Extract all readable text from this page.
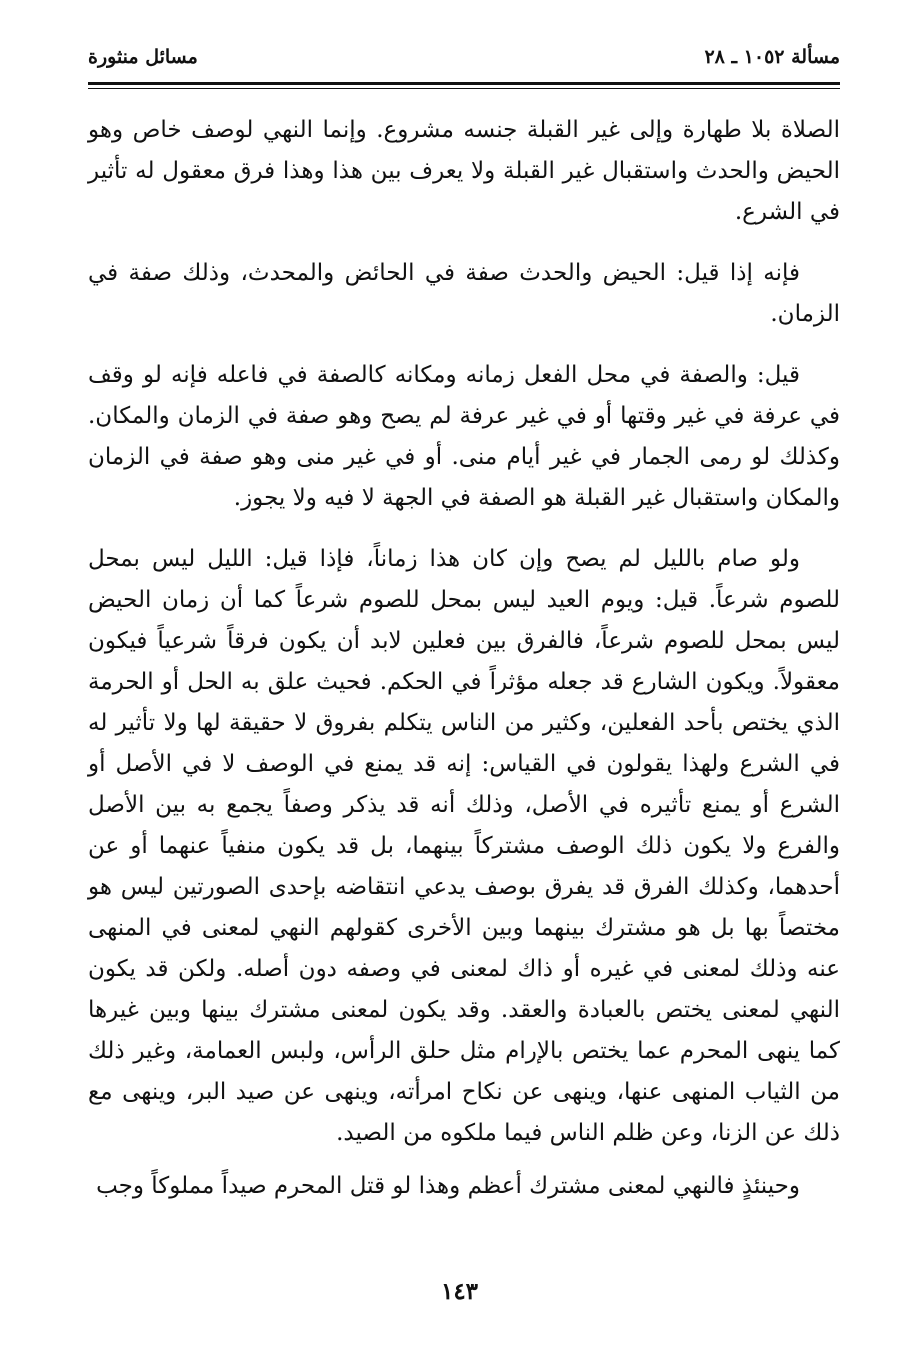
مسألة ١٠٥٢ ـ ٢٨
مسائل منثورة

الصلاة بلا طهارة وإلى غير القبلة جنسه مشروع. وإنما النهي لوصف خاص وهو الحيض والحدث واستقبال غير القبلة ولا يعرف بين هذا وهذا فرق معقول له تأثير في الشرع.

فإنه إذا قيل: الحيض والحدث صفة في الحائض والمحدث، وذلك صفة في الزمان.

قيل: والصفة في محل الفعل زمانه ومكانه كالصفة في فاعله فإنه لو وقف في عرفة في غير وقتها أو في غير عرفة لم يصح وهو صفة في الزمان والمكان. وكذلك لو رمى الجمار في غير أيام منى. أو في غير منى وهو صفة في الزمان والمكان واستقبال غير القبلة هو الصفة في الجهة لا فيه ولا يجوز.

ولو صام بالليل لم يصح وإن كان هذا زماناً، فإذا قيل: الليل ليس بمحل للصوم شرعاً. قيل: ويوم العيد ليس بمحل للصوم شرعاً كما أن زمان الحيض ليس بمحل للصوم شرعاً، فالفرق بين فعلين لابد أن يكون فرقاً شرعياً فيكون معقولاً. ويكون الشارع قد جعله مؤثراً في الحكم. فحيث علق به الحل أو الحرمة الذي يختص بأحد الفعلين، وكثير من الناس يتكلم بفروق لا حقيقة لها ولا تأثير له في الشرع ولهذا يقولون في القياس: إنه قد يمنع في الوصف لا في الأصل أو الشرع أو يمنع تأثيره في الأصل، وذلك أنه قد يذكر وصفاً يجمع به بين الأصل والفرع ولا يكون ذلك الوصف مشتركاً بينهما، بل قد يكون منفياً عنهما أو عن أحدهما، وكذلك الفرق قد يفرق بوصف يدعي انتقاضه بإحدى الصورتين ليس هو مختصاً بها بل هو مشترك بينهما وبين الأخرى كقولهم النهي لمعنى في المنهى عنه وذلك لمعنى في غيره أو ذاك لمعنى في وصفه دون أصله. ولكن قد يكون النهي لمعنى يختص بالعبادة والعقد. وقد يكون لمعنى مشترك بينها وبين غيرها كما ينهى المحرم عما يختص بالإرام مثل حلق الرأس، ولبس العمامة، وغير ذلك من الثياب المنهى عنها، وينهى عن نكاح امرأته، وينهى عن صيد البر، وينهى مع ذلك عن الزنا، وعن ظلم الناس فيما ملكوه من الصيد.

وحينئذٍ فالنهي لمعنى مشترك أعظم وهذا لو قتل المحرم صيداً مملوكاً وجب

١٤٣
